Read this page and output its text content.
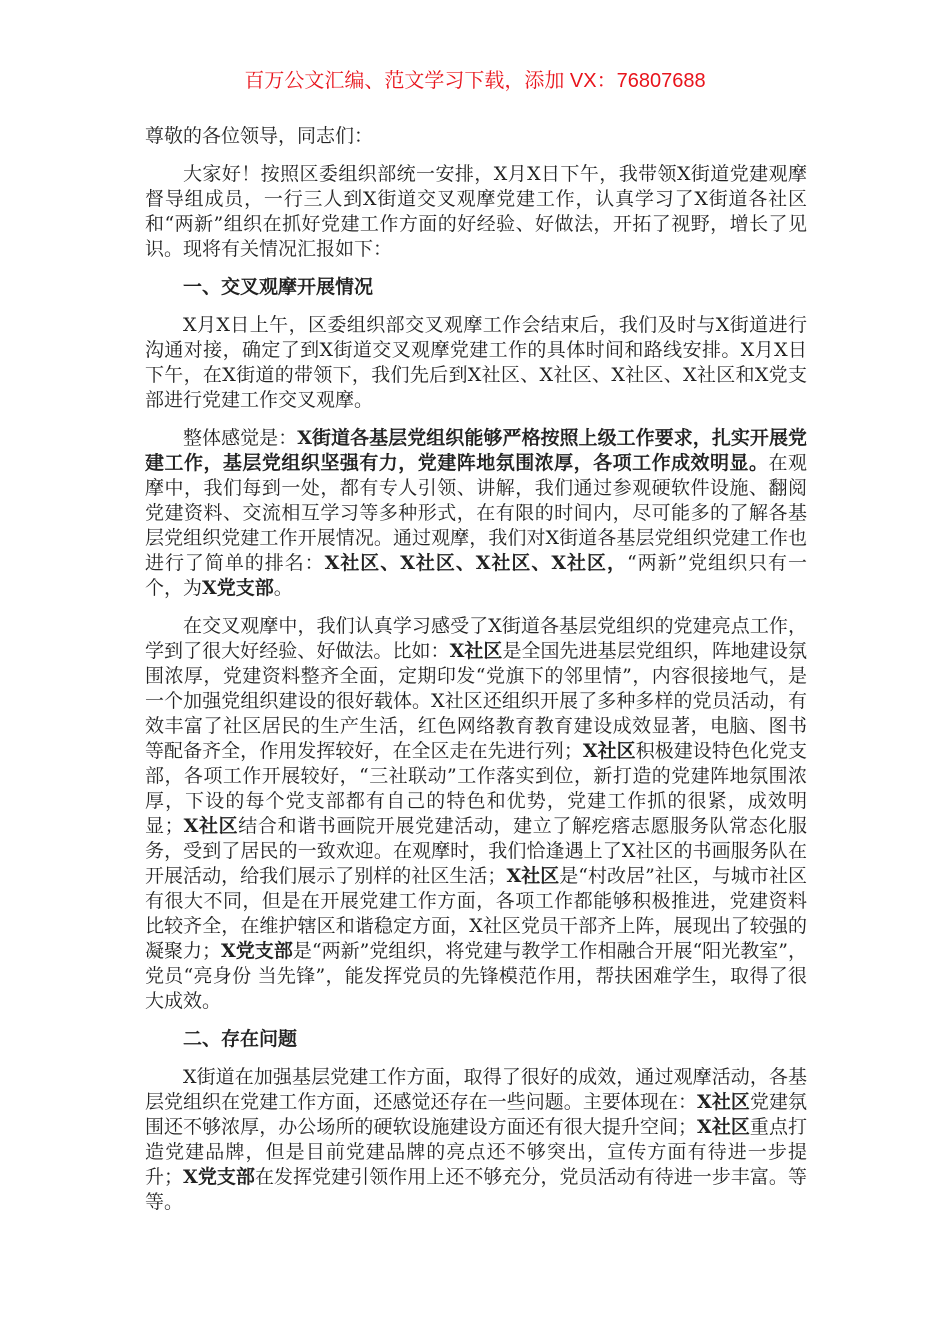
百万公文汇编、范文学习下载，添加 VX：76807688

尊敬的各位领导，同志们：

大家好！按照区委组织部统一安排，X月X日下午，我带领X街道党建观摩督导组成员，一行三人到X街道交叉观摩党建工作，认真学习了X街道各社区和“两新”组织在抓好党建工作方面的好经验、好做法，开拓了视野，增长了见识。现将有关情况汇报如下：

一、交叉观摩开展情况

X月X日上午，区委组织部交叉观摩工作会结束后，我们及时与X街道进行沟通对接，确定了到X街道交叉观摩党建工作的具体时间和路线安排。X月X日下午，在X街道的带领下，我们先后到X社区、X社区、X社区、X社区和X党支部进行党建工作交叉观摩。

整体感觉是：X街道各基层党组织能够严格按照上级工作要求，扎实开展党建工作，基层党组织坚强有力，党建阵地氛围浓厚，各项工作成效明显。在观摩中，我们每到一处，都有专人引领、讲解，我们通过参观硬软件设施、翻阅党建资料、交流相互学习等多种形式，在有限的时间内，尽可能多的了解各基层党组织党建工作开展情况。通过观摩，我们对X街道各基层党组织党建工作也进行了简单的排名：X社区、X社区、X社区、X社区，“两新”党组织只有一个，为X党支部。

在交叉观摩中，我们认真学习感受了X街道各基层党组织的党建亮点工作，学到了很大好经验、好做法。比如：X社区是全国先进基层党组织，阵地建设氛围浓厚，党建资料整齐全面，定期印发“党旗下的邻里情”，内容很接地气，是一个加强党组织建设的很好载体。X社区还组织开展了多种多样的党员活动，有效丰富了社区居民的生产生活，红色网络教育教育建设成效显著，电脑、图书等配备齐全，作用发挥较好，在全区走在先进行列；X社区积极建设特色化党支部，各项工作开展较好，“三社联动”工作落实到位，新打造的党建阵地氛围浓厚，下设的每个党支部都有自己的特色和优势，党建工作抓的很紧，成效明显；X社区结合和谐书画院开展党建活动，建立了解疙瘩志愿服务队常态化服务，受到了居民的一致欢迎。在观摩时，我们恰逢遇上了X社区的书画服务队在开展活动，给我们展示了别样的社区生活；X社区是“村改居”社区，与城市社区有很大不同，但是在开展党建工作方面，各项工作都能够积极推进，党建资料比较齐全，在维护辖区和谐稳定方面，X社区党员干部齐上阵，展现出了较强的凝聚力；X党支部是“两新”党组织，将党建与教学工作相融合开展“阳光教室”，党员“亮身份 当先锋”，能发挥党员的先锋模范作用，帮扶困难学生，取得了很大成效。

二、存在问题

X街道在加强基层党建工作方面，取得了很好的成效，通过观摩活动，各基层党组织在党建工作方面，还感觉还存在一些问题。主要体现在：X社区党建氛围还不够浓厚，办公场所的硬软设施建设方面还有很大提升空间；X社区重点打造党建品牌，但是目前党建品牌的亮点还不够突出，宣传方面有待进一步提升；X党支部在发挥党建引领作用上还不够充分，党员活动有待进一步丰富。等等。
